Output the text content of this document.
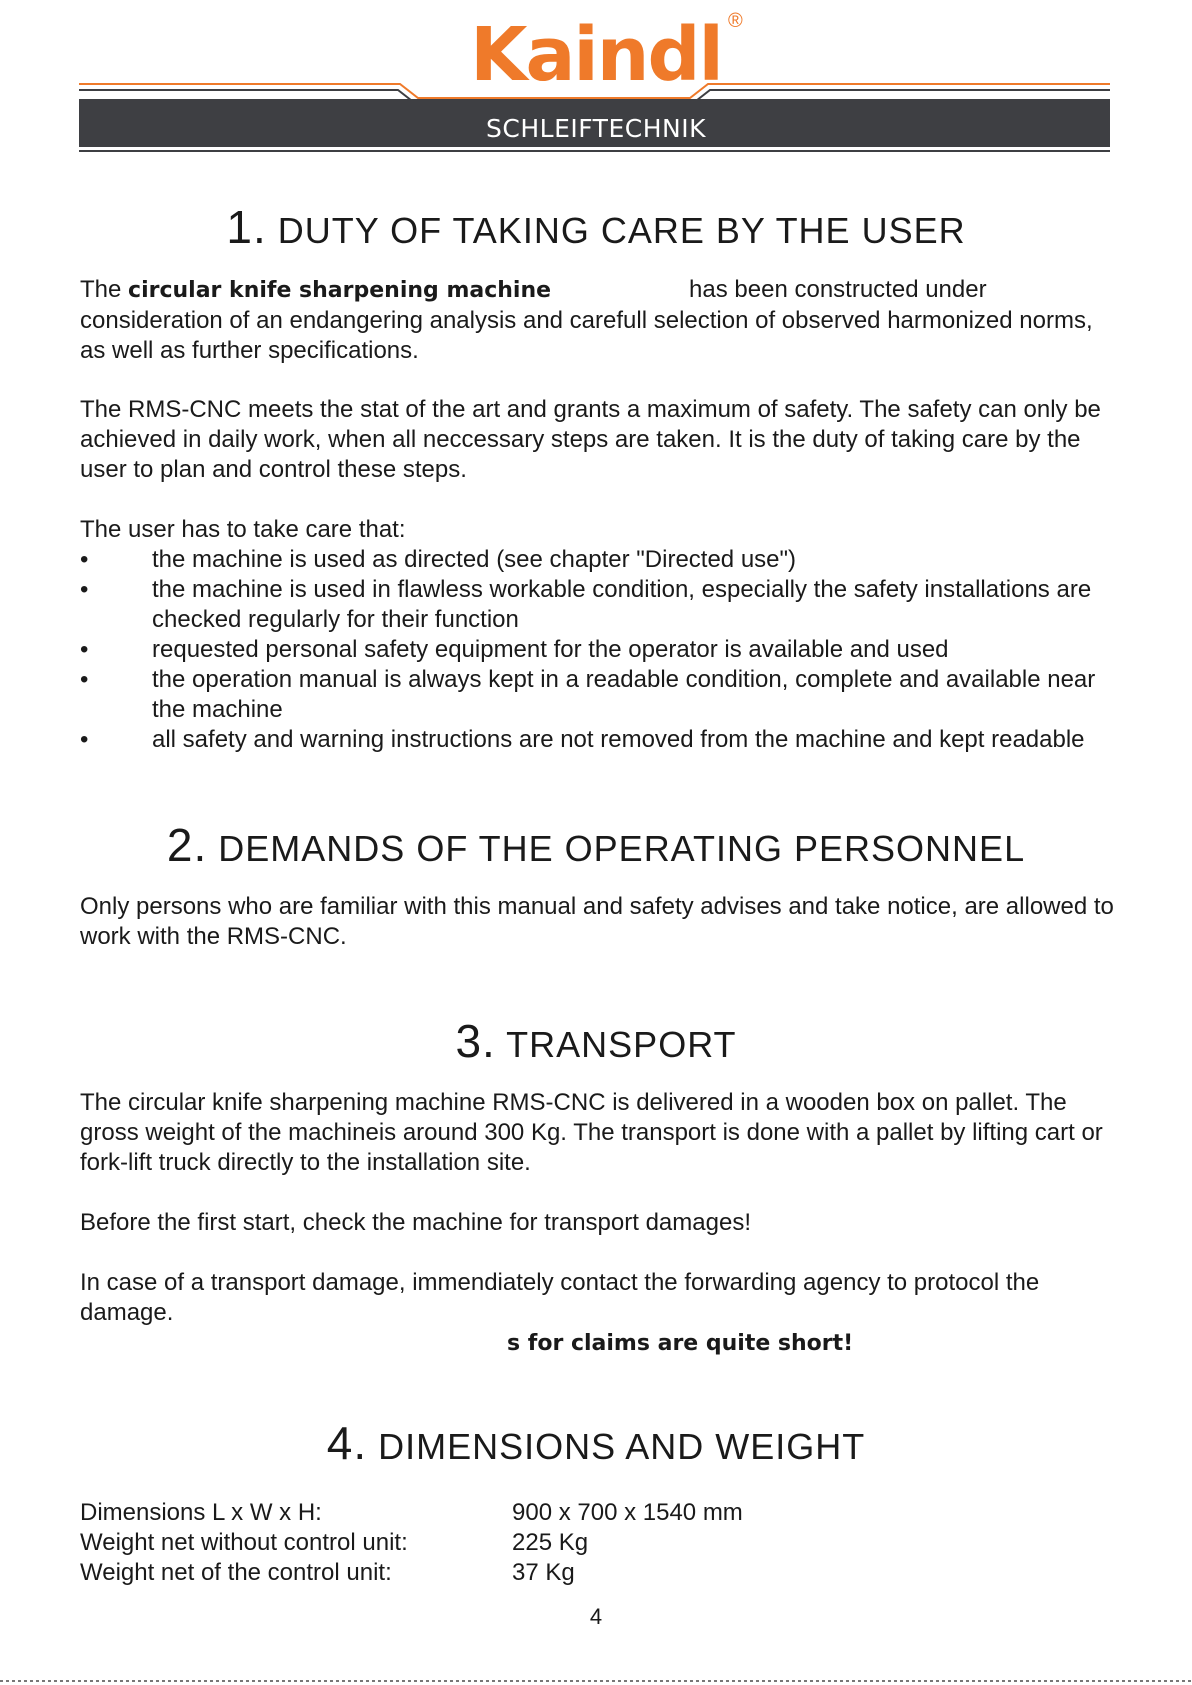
Kaindl ®
SCHLEIFTECHNIK
1. DUTY OF TAKING CARE BY THE USER
The circular knife sharpening machine	has been constructed under consideration of an endangering analysis and carefull selection of observed harmonized norms, as well as further specifications.
The RMS-CNC meets the stat of the art and grants a maximum of safety. The safety can only be achieved in daily work, when all neccessary steps are taken. It is the duty of taking care by the user to plan and control these steps.
The user has to take care that:
•	the machine is used as directed (see chapter "Directed use")
•	the machine is used in flawless workable condition, especially the safety installations are checked regularly for their function
•	requested personal safety equipment for the operator is available and used
•	the operation manual is always kept in a readable condition, complete and available near the machine
•	all safety and warning instructions are not removed from the machine and kept readable
2. DEMANDS OF THE OPERATING PERSONNEL
Only persons who are familiar with this manual and safety advises and take notice, are allowed to work with the RMS-CNC.
3. TRANSPORT
The circular knife sharpening machine RMS-CNC is delivered in a wooden box on pallet. The gross weight of the machineis around 300 Kg. The transport is done with a pallet by lifting cart or fork-lift truck directly to the installation site.
Before the first start, check the machine for transport damages!
In case of a transport damage, immendiately contact the forwarding agency to protocol the damage.
s for claims are quite short!
4. DIMENSIONS AND WEIGHT
Dimensions L x W x H:	900 x 700 x 1540 mm
Weight net without control unit:	225 Kg
Weight net of the control unit:	37 Kg
4
